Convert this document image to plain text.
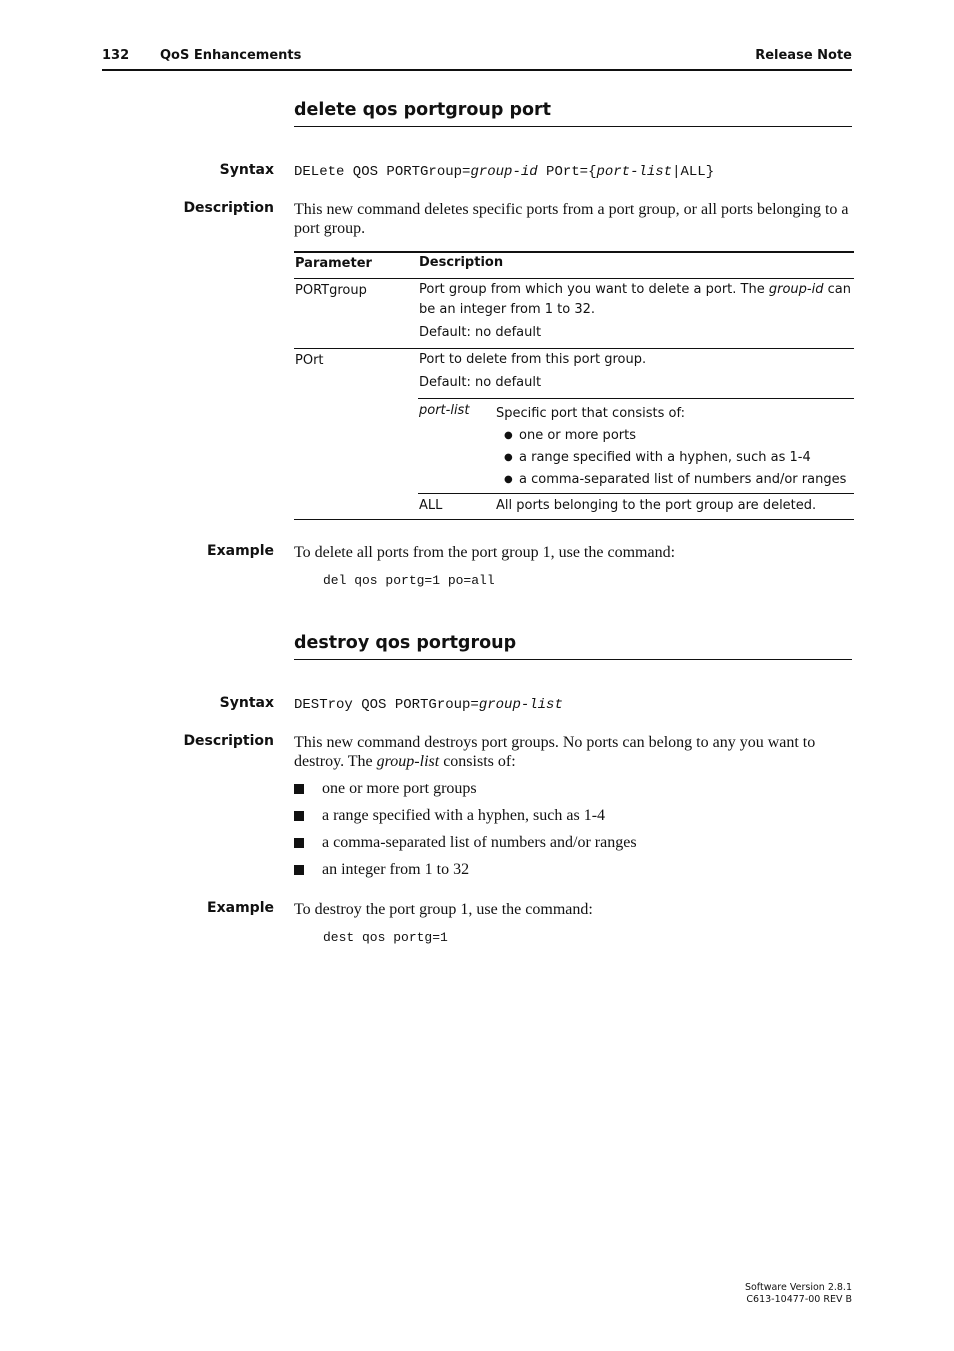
132 QoS Enhancements	Release Note
delete qos portgroup port
Syntax DELete QOS PORTGroup=group-id POrt={port-list|ALL}
Description This new command deletes specific ports from a port group, or all ports belonging to a port group.
Parameter	Description
PORTgroup	Port group from which you want to delete a port. The group-id can be an integer from 1 to 32.
Default: no default
POrt	Port to delete from this port group.
Default: no default
port-list Specific port that consists of:
● one or more ports
● a range specified with a hyphen, such as 1-4
● a comma-separated list of numbers and/or ranges
ALL	All ports belonging to the port group are deleted.
Example To delete all ports from the port group 1, use the command:
del qos portg=1 po=all
destroy qos portgroup
Syntax DESTroy QOS PORTGroup=group-list
Description This new command destroys port groups. No ports can belong to any you want to destroy. The group-list consists of:
one or more port groups
a range specified with a hyphen, such as 1-4
a comma-separated list of numbers and/or ranges
an integer from 1 to 32
Example To destroy the port group 1, use the command:
dest qos portg=1
Software Version 2.8.1
C613-10477-00 REV B
